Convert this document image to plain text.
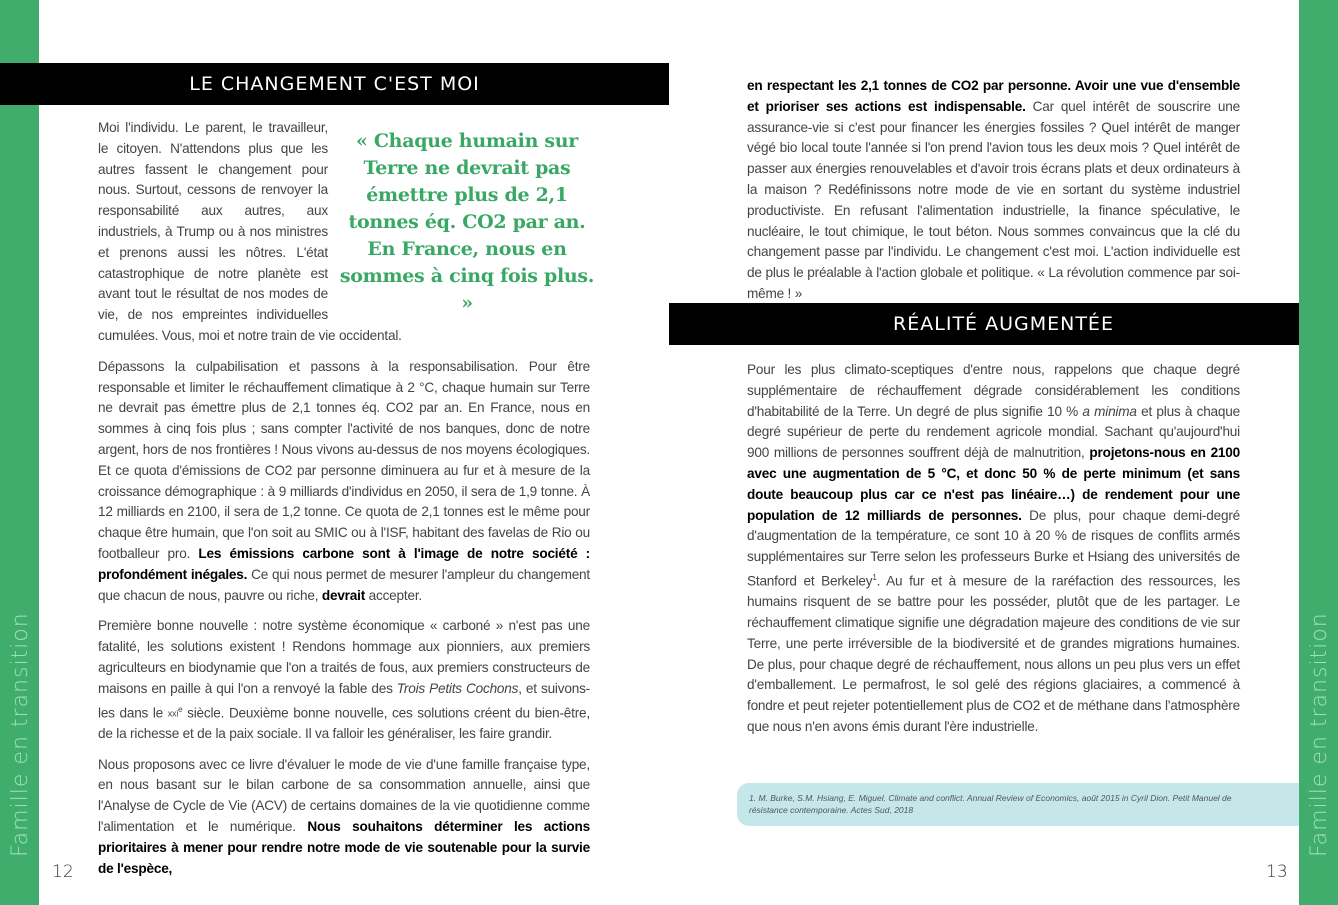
Famille en transition
12
LE CHANGEMENT C'EST MOI
« Chaque humain sur Terre ne devrait pas émettre plus de 2,1 tonnes éq. CO2 par an. En France, nous en sommes à cinq fois plus. »

Moi l'individu. Le parent, le travailleur, le citoyen. N'attendons plus que les autres fassent le changement pour nous. Surtout, cessons de renvoyer la responsabilité aux autres, aux industriels, à Trump ou à nos ministres et prenons aussi les nôtres. L'état catastrophique de notre planète est avant tout le résultat de nos modes de vie, de nos empreintes individuelles cumulées. Vous, moi et notre train de vie occidental.

Dépassons la culpabilisation et passons à la responsabilisation. Pour être responsable et limiter le réchauffement climatique à 2 °C, chaque humain sur Terre ne devrait pas émettre plus de 2,1 tonnes éq. CO2 par an. En France, nous en sommes à cinq fois plus ; sans compter l'activité de nos banques, donc de notre argent, hors de nos frontières ! Nous vivons au-dessus de nos moyens écologiques. Et ce quota d'émissions de CO2 par personne diminuera au fur et à mesure de la croissance démographique : à 9 milliards d'individus en 2050, il sera de 1,9 tonne. À 12 milliards en 2100, il sera de 1,2 tonne. Ce quota de 2,1 tonnes est le même pour chaque être humain, que l'on soit au SMIC ou à l'ISF, habitant des favelas de Rio ou footballeur pro. Les émissions carbone sont à l'image de notre société : profondément inégales. Ce qui nous permet de mesurer l'ampleur du changement que chacun de nous, pauvre ou riche, devrait accepter.

Première bonne nouvelle : notre système économique « carboné » n'est pas une fatalité, les solutions existent ! Rendons hommage aux pionniers, aux premiers agriculteurs en biodynamie que l'on a traités de fous, aux premiers constructeurs de maisons en paille à qui l'on a renvoyé la fable des Trois Petits Cochons, et suivons-les dans le xxi$^e$ siècle. Deuxième bonne nouvelle, ces solutions créent du bien-être, de la richesse et de la paix sociale. Il va falloir les généraliser, les faire grandir.

Nous proposons avec ce livre d'évaluer le mode de vie d'une famille française type, en nous basant sur le bilan carbone de sa consommation annuelle, ainsi que l'Analyse de Cycle de Vie (ACV) de certains domaines de la vie quotidienne comme l'alimentation et le numérique. Nous souhaitons déterminer les actions prioritaires à mener pour rendre notre mode de vie soutenable pour la survie de l'espèce,

en respectant les 2,1 tonnes de CO2 par personne. Avoir une vue d'ensemble et prioriser ses actions est indispensable. Car quel intérêt de souscrire une assurance-vie si c'est pour financer les énergies fossiles ? Quel intérêt de manger végé bio local toute l'année si l'on prend l'avion tous les deux mois ? Quel intérêt de passer aux énergies renouvelables et d'avoir trois écrans plats et deux ordinateurs à la maison ? Redéfinissons notre mode de vie en sortant du système industriel productiviste. En refusant l'alimentation industrielle, la finance spéculative, le nucléaire, le tout chimique, le tout béton. Nous sommes convaincus que la clé du changement passe par l'individu. Le changement c'est moi. L'action individuelle est de plus le préalable à l'action globale et politique. « La révolution commence par soi-même ! »

RÉALITÉ AUGMENTÉE

Pour les plus climato-sceptiques d'entre nous, rappelons que chaque degré supplémentaire de réchauffement dégrade considérablement les conditions d'habitabilité de la Terre. Un degré de plus signifie 10 % a minima et plus à chaque degré supérieur de perte du rendement agricole mondial. Sachant qu'aujourd'hui 900 millions de personnes souffrent déjà de malnutrition, projetons-nous en 2100 avec une augmentation de 5 °C, et donc 50 % de perte minimum (et sans doute beaucoup plus car ce n'est pas linéaire…) de rendement pour une population de 12 milliards de personnes. De plus, pour chaque demi-degré d'augmentation de la température, ce sont 10 à 20 % de risques de conflits armés supplémentaires sur Terre selon les professeurs Burke et Hsiang des universités de Stanford et Berkeley$^1$. Au fur et à mesure de la raréfaction des ressources, les humains risquent de se battre pour les posséder, plutôt que de les partager. Le réchauffement climatique signifie une dégradation majeure des conditions de vie sur Terre, une perte irréversible de la biodiversité et de grandes migrations humaines. De plus, pour chaque degré de réchauffement, nous allons un peu plus vers un effet d'emballement. Le permafrost, le sol gelé des régions glaciaires, a commencé à fondre et peut rejeter potentiellement plus de CO2 et de méthane dans l'atmosphère que nous n'en avons émis durant l'ère industrielle.

1. M. Burke, S.M. Hsiang, E. Miguel. Climate and conflict. Annual Review of Economics, août 2015 in Cyril Dion. Petit Manuel de résistance contemporaine. Actes Sud, 2018	Famille en transition
13
